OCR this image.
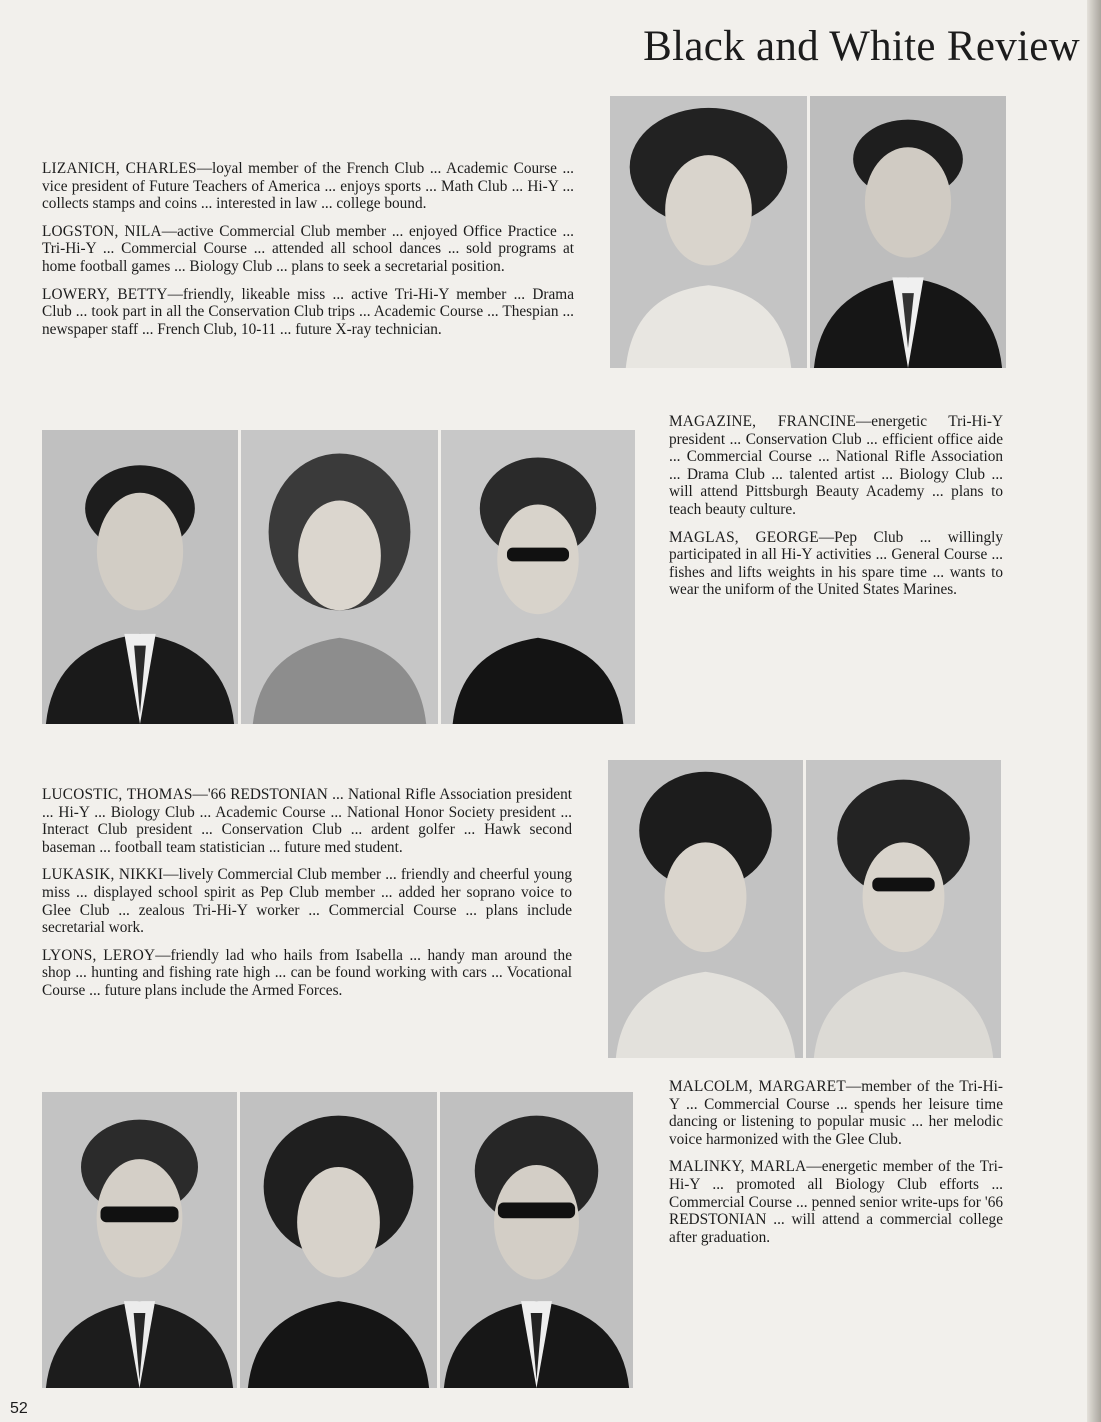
Black and White Review

LIZANICH, CHARLES—loyal member of the French Club ... Academic Course ... vice president of Future Teachers of America ... enjoys sports ... Math Club ... Hi-Y ... collects stamps and coins ... interested in law ... college bound.

LOGSTON, NILA—active Commercial Club member ... enjoyed Office Practice ... Tri-Hi-Y ... Commercial Course ... attended all school dances ... sold programs at home football games ... Biology Club ... plans to seek a secretarial position.

LOWERY, BETTY—friendly, likeable miss ... active Tri-Hi-Y member ... Drama Club ... took part in all the Conservation Club trips ... Academic Course ... Thespian ... newspaper staff ... French Club, 10-11 ... future X-ray technician.

MAGAZINE, FRANCINE—energetic Tri-Hi-Y president ... Conservation Club ... efficient office aide ... Commercial Course ... National Rifle Association ... Drama Club ... talented artist ... Biology Club ... will attend Pittsburgh Beauty Academy ... plans to teach beauty culture.

MAGLAS, GEORGE—Pep Club ... willingly participated in all Hi-Y activities ... General Course ... fishes and lifts weights in his spare time ... wants to wear the uniform of the United States Marines.

LUCOSTIC, THOMAS—'66 REDSTONIAN ... National Rifle Association president ... Hi-Y ... Biology Club ... Academic Course ... National Honor Society president ... Interact Club president ... Conservation Club ... ardent golfer ... Hawk second baseman ... football team statistician ... future med student.

LUKASIK, NIKKI—lively Commercial Club member ... friendly and cheerful young miss ... displayed school spirit as Pep Club member ... added her soprano voice to Glee Club ... zealous Tri-Hi-Y worker ... Commercial Course ... plans include secretarial work.

LYONS, LEROY—friendly lad who hails from Isabella ... handy man around the shop ... hunting and fishing rate high ... can be found working with cars ... Vocational Course ... future plans include the Armed Forces.

MALCOLM, MARGARET—member of the Tri-Hi-Y ... Commercial Course ... spends her leisure time dancing or listening to popular music ... her melodic voice harmonized with the Glee Club.

MALINKY, MARLA—energetic member of the Tri-Hi-Y ... promoted all Biology Club efforts ... Commercial Course ... penned senior write-ups for '66 REDSTONIAN ... will attend a commercial college after graduation.

52
